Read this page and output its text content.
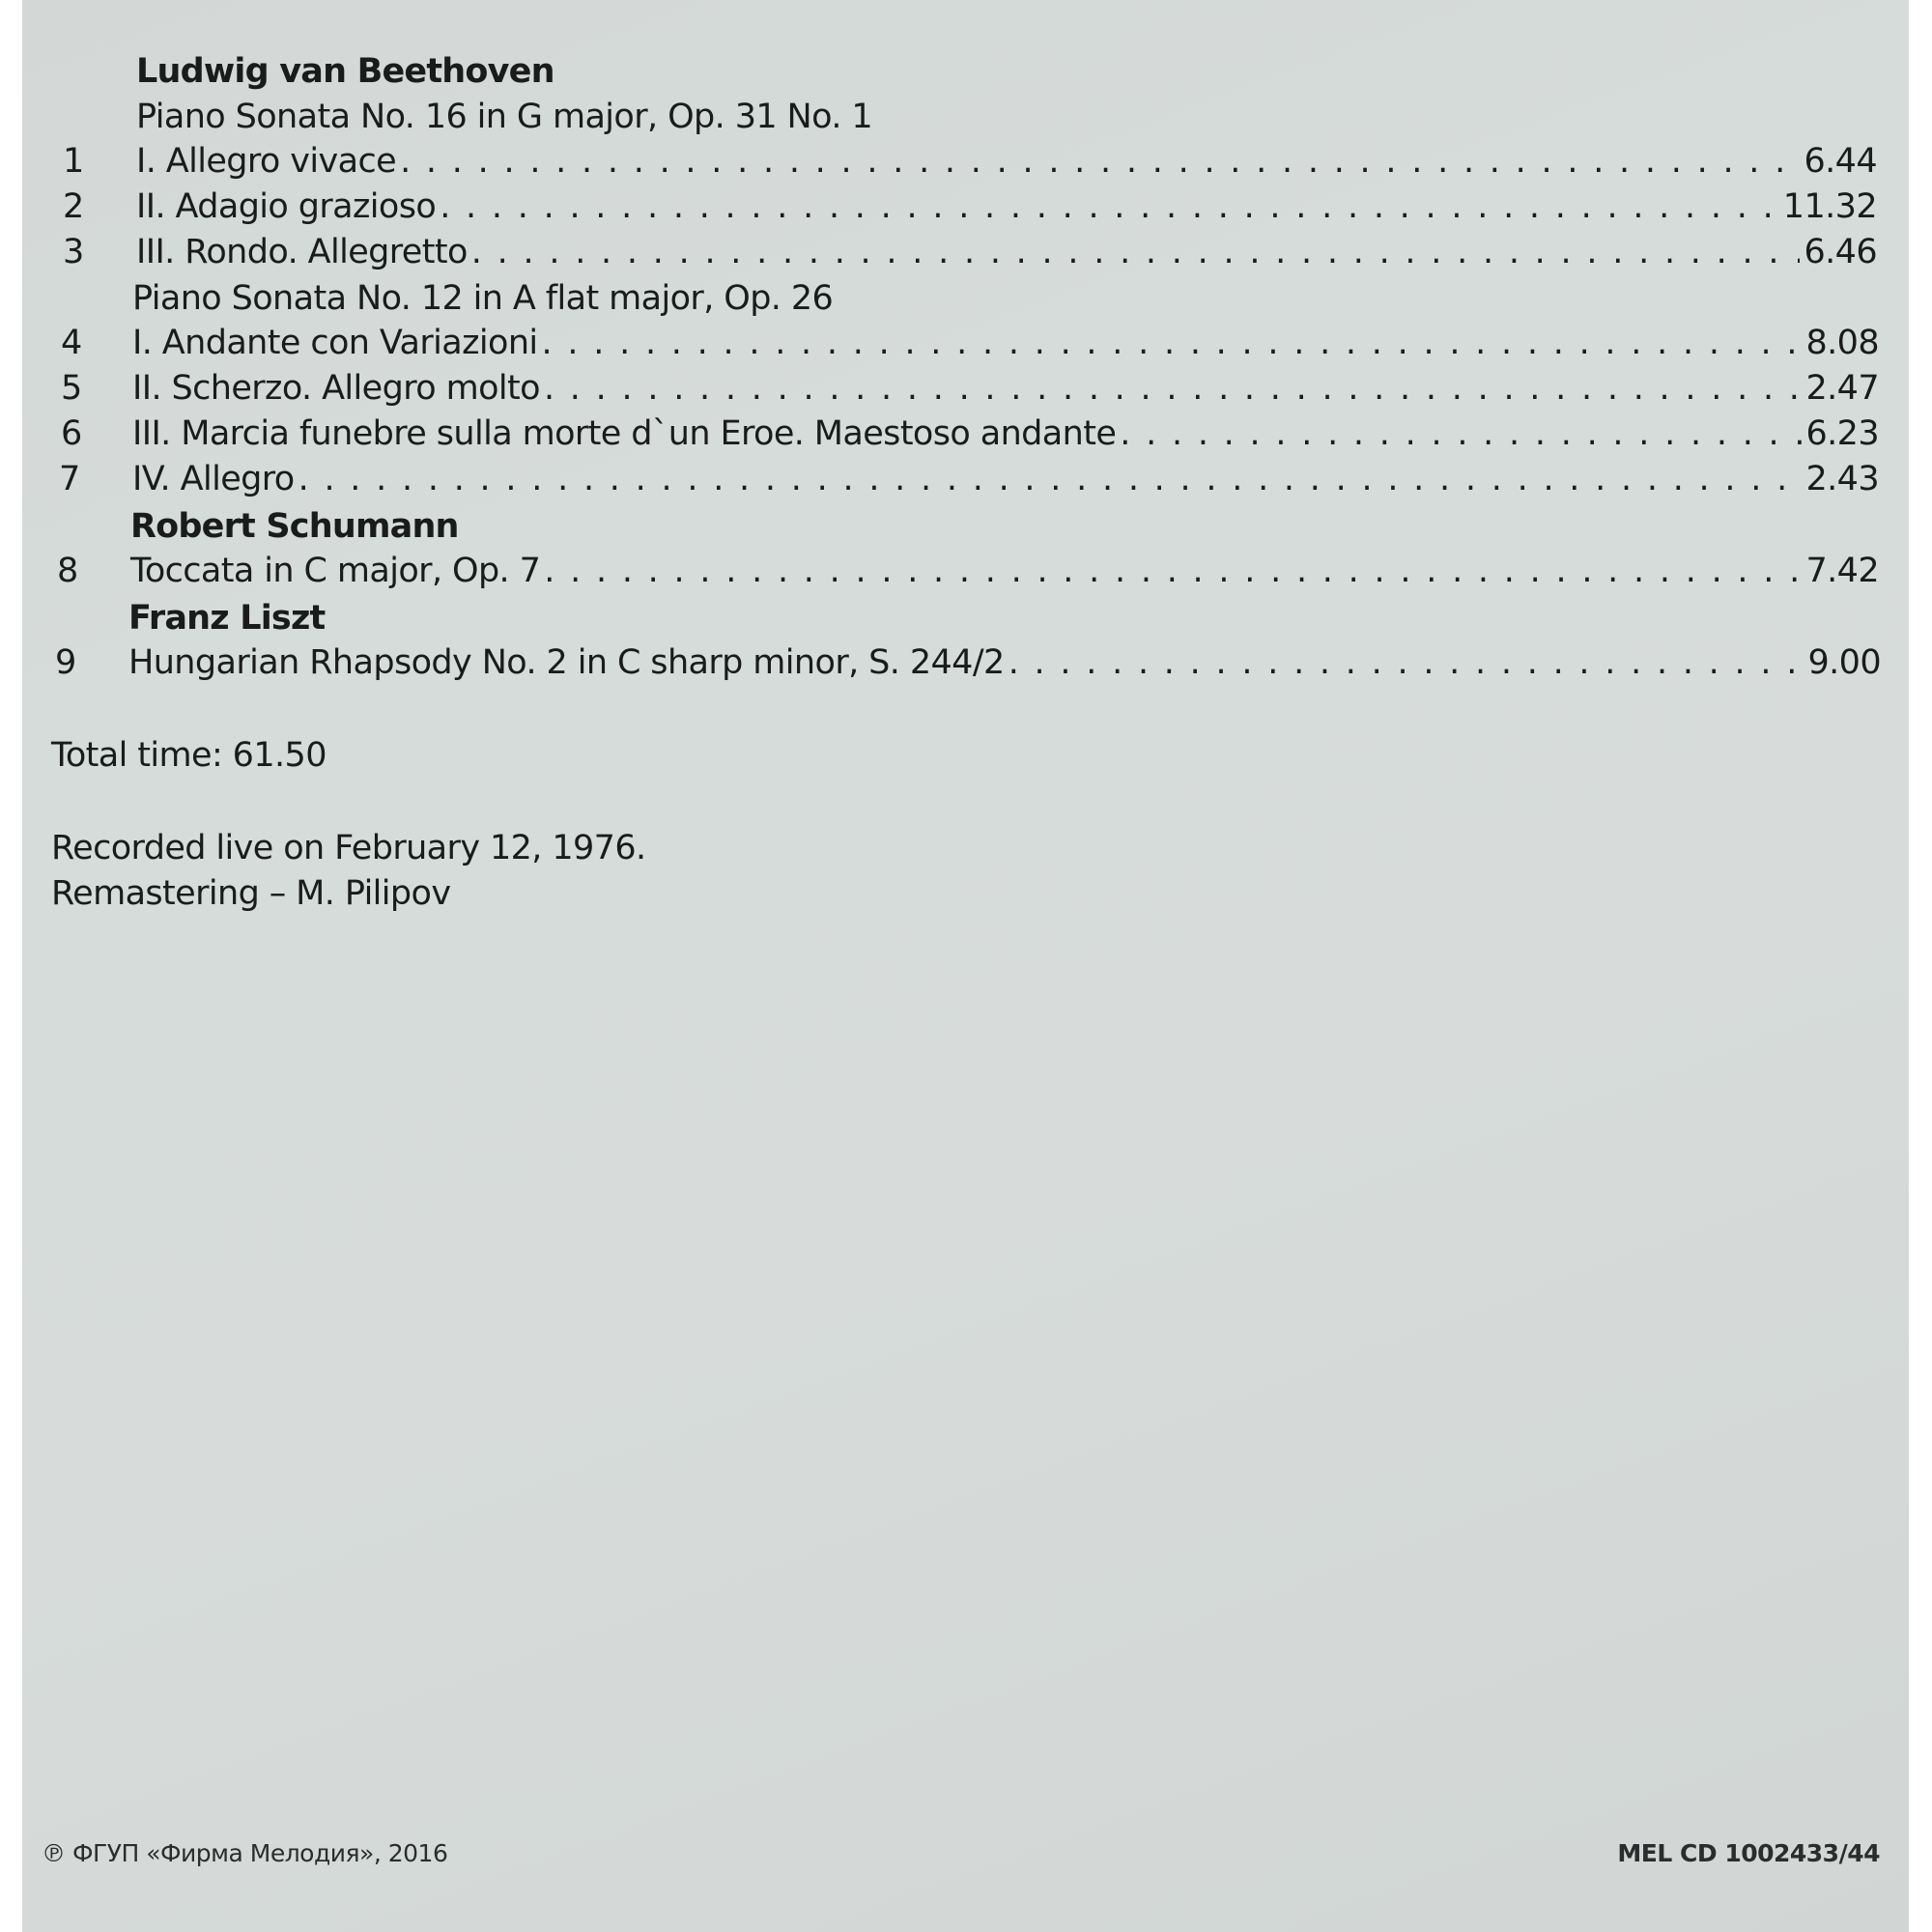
Ludwig van Beethoven
Piano Sonata No. 16 in G major, Op. 31 No. 1
1	I. Allegro vivace . . .	6.44
2	II. Adagio grazioso . . .	11.32
3	III. Rondo. Allegretto . . .	6.46
Piano Sonata No. 12 in A flat major, Op. 26
4	I. Andante con Variazioni . . .	8.08
5	II. Scherzo. Allegro molto . . .	2.47
6	III. Marcia funebre sulla morte d`un Eroe. Maestoso andante . . .	6.23
7	IV. Allegro . . .	2.43
Robert Schumann
8	Toccata in C major, Op. 7 . . .	7.42
Franz Liszt
9	Hungarian Rhapsody No. 2 in C sharp minor, S. 244/2 . . .	9.00
Total time: 61.50
Recorded live on February 12, 1976.
Remastering – M. Pilipov
℗ ФГУП «Фирма Мелодия», 2016	MEL CD 1002433/44
